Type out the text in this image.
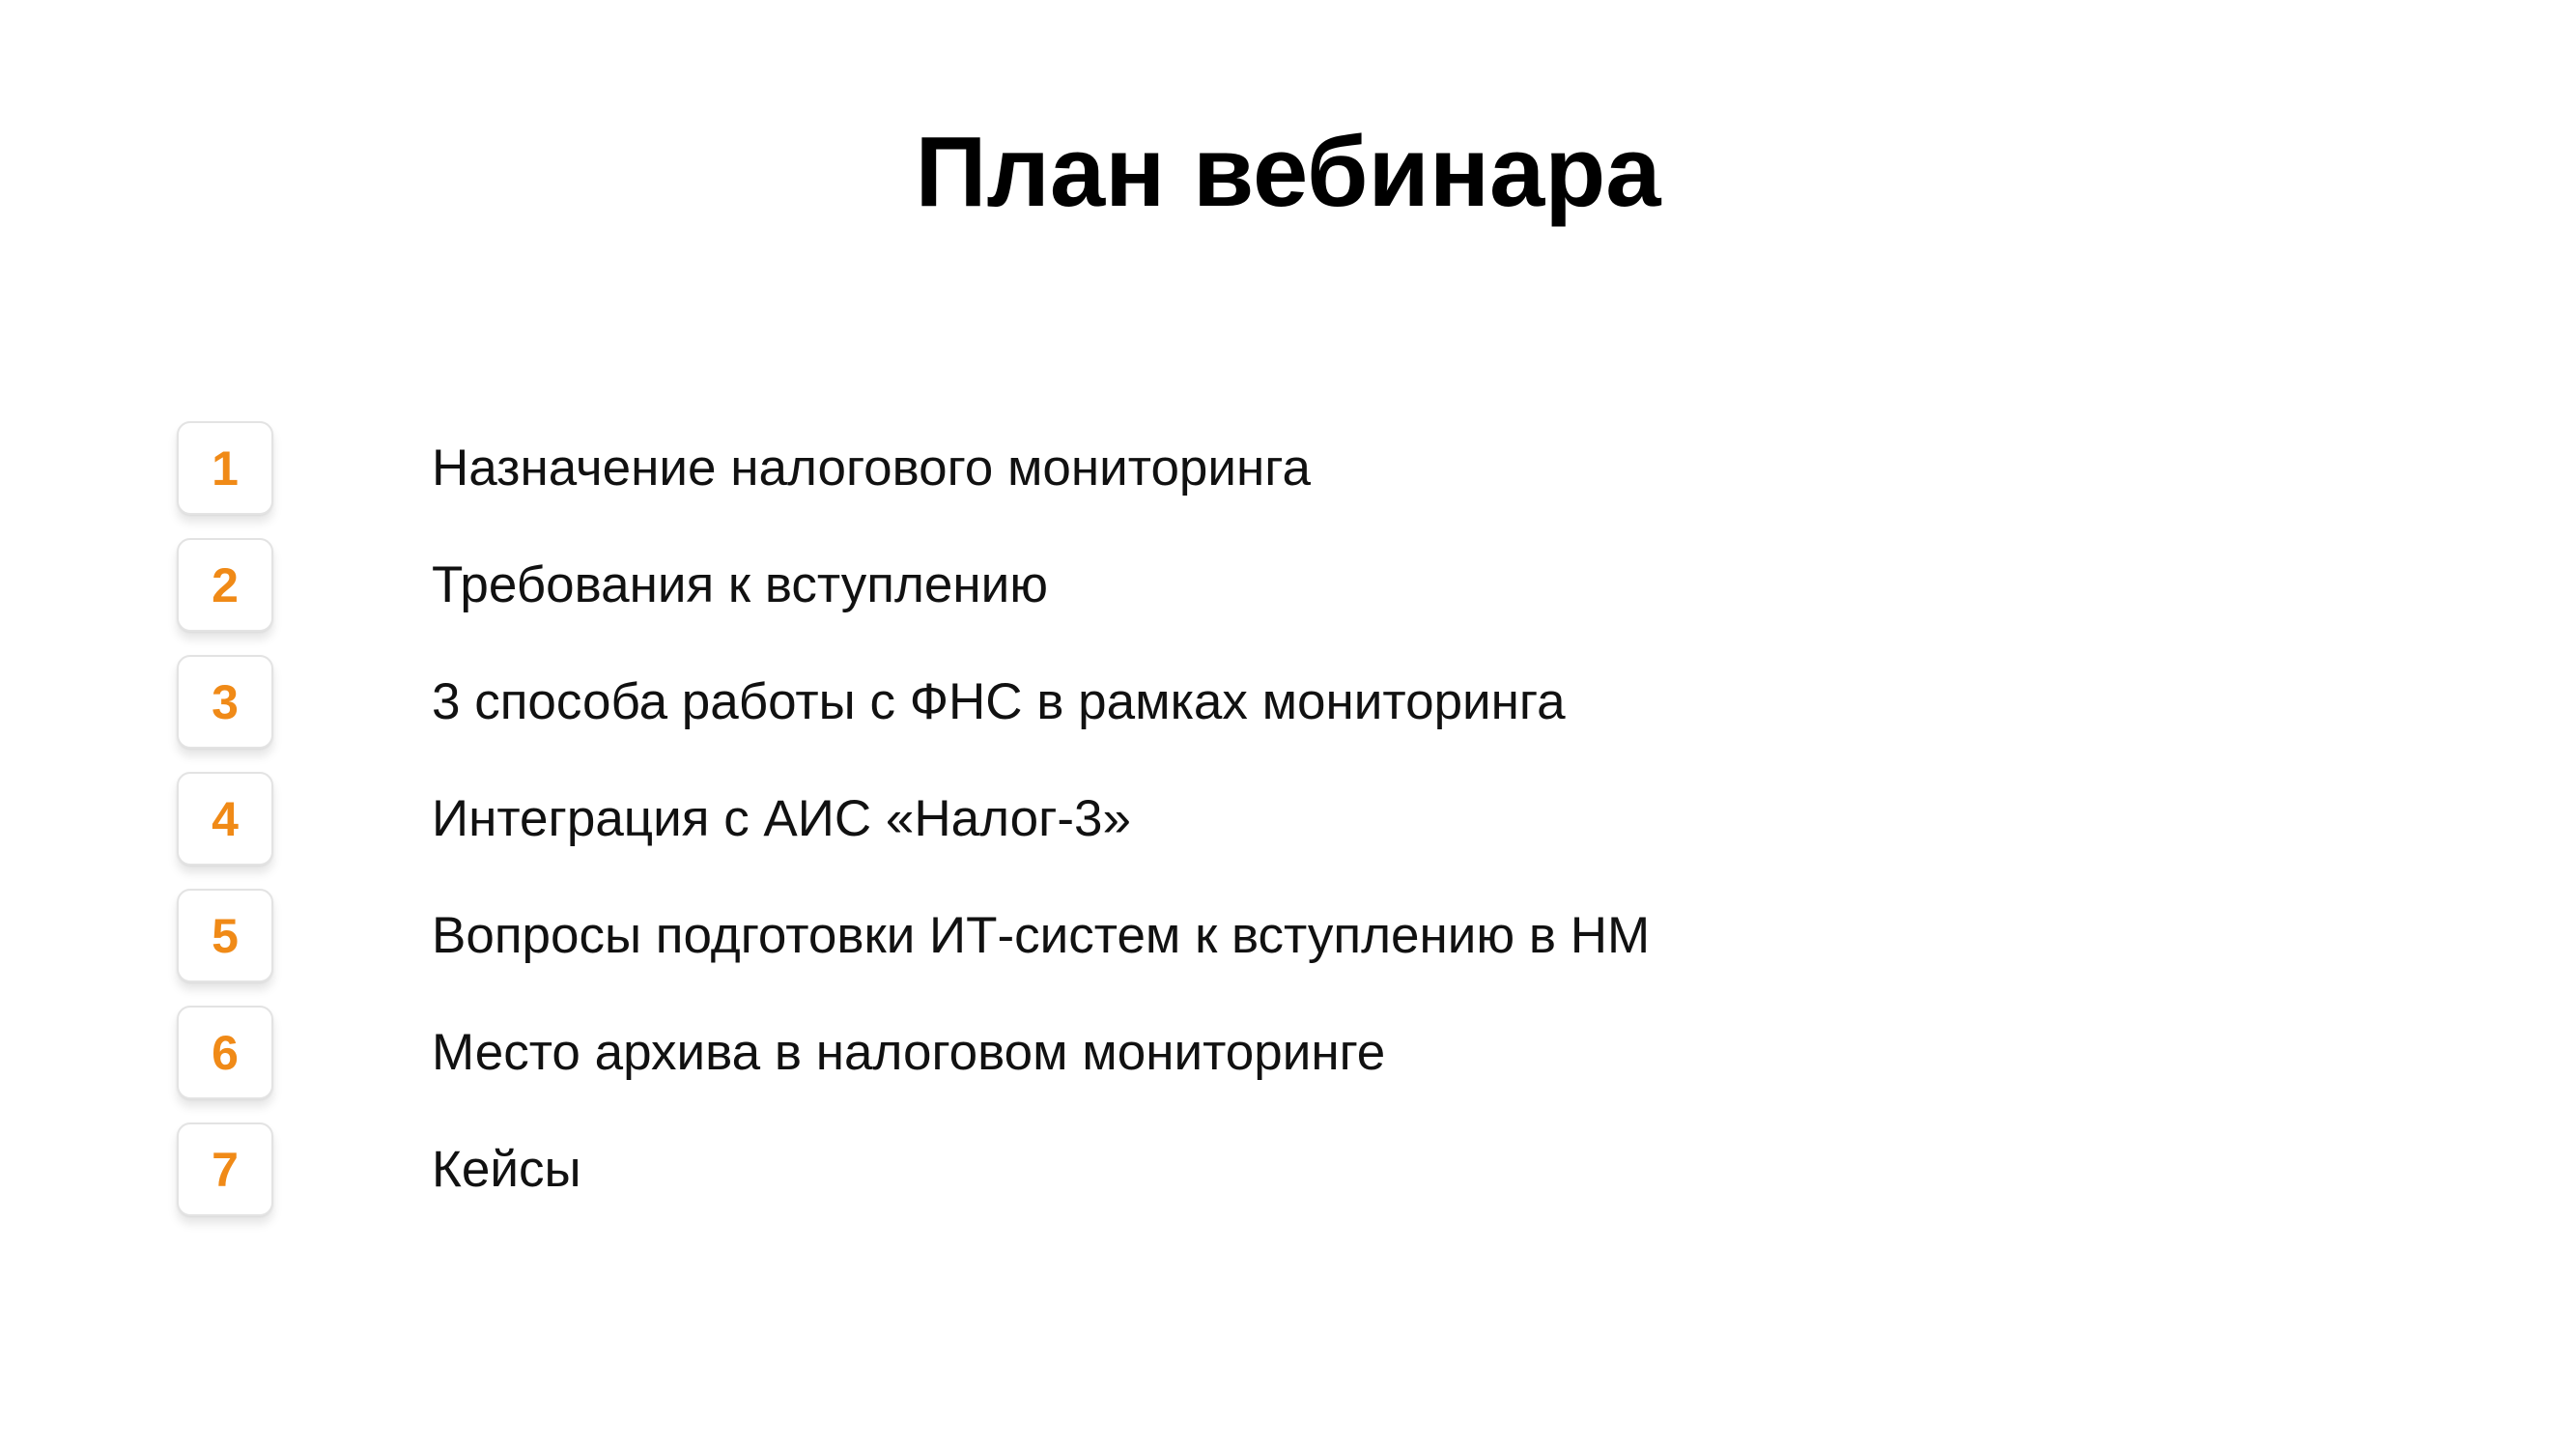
План вебинара
1	Назначение налогового мониторинга
2	Требования к вступлению
3	3 способа работы с ФНС в рамках мониторинга
4	Интеграция с АИС «Налог-3»
5	Вопросы подготовки ИТ-систем к вступлению в НМ
6	Место архива в налоговом мониторинге
7	Кейсы
